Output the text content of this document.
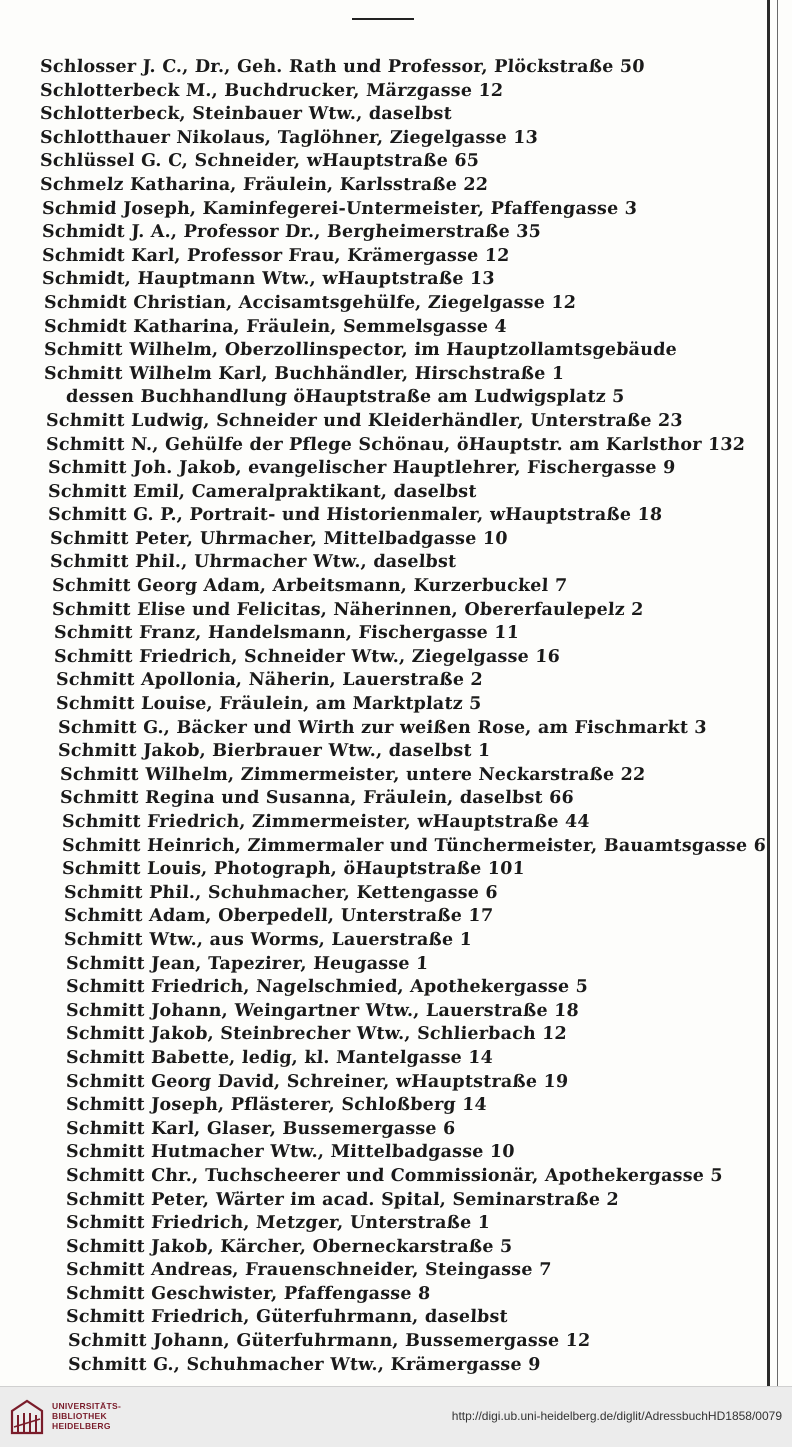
Schlosser J. C., Dr., Geh. Rath und Professor, Plöckstraße 50
Schlotterbeck M., Buchdrucker, Märzgasse 12
Schlotterbeck, Steinbauer Wtw., daselbst
Schlotthauer Nikolaus, Taglöhner, Ziegelgasse 13
Schlüssel G. C, Schneider, wHauptstraße 65
Schmelz Katharina, Fräulein, Karlsstraße 22
Schmid Joseph, Kaminfegerei-Untermeister, Pfaffengasse 3
Schmidt J. A., Professor Dr., Bergheimerstraße 35
Schmidt Karl, Professor Frau, Krämergasse 12
Schmidt, Hauptmann Wtw., wHauptstraße 13
Schmidt Christian, Accisamtsgehülfe, Ziegelgasse 12
Schmidt Katharina, Fräulein, Semmelsgasse 4
Schmitt Wilhelm, Oberzollinspector, im Hauptzollamtsgebäude
Schmitt Wilhelm Karl, Buchhändler, Hirschstraße 1
dessen Buchhandlung öHauptstraße am Ludwigsplatz 5
Schmitt Ludwig, Schneider und Kleiderhändler, Unterstraße 23
Schmitt N., Gehülfe der Pflege Schönau, öHauptstr. am Karlsthor 132
Schmitt Joh. Jakob, evangelischer Hauptlehrer, Fischergasse 9
Schmitt Emil, Cameralpraktikant, daselbst
Schmitt G. P., Portrait- und Historienmaler, wHauptstraße 18
Schmitt Peter, Uhrmacher, Mittelbadgasse 10
Schmitt Phil., Uhrmacher Wtw., daselbst
Schmitt Georg Adam, Arbeitsmann, Kurzerbuckel 7
Schmitt Elise und Felicitas, Näherinnen, Obererfaulepelz 2
Schmitt Franz, Handelsmann, Fischergasse 11
Schmitt Friedrich, Schneider Wtw., Ziegelgasse 16
Schmitt Apollonia, Näherin, Lauerstraße 2
Schmitt Louise, Fräulein, am Marktplatz 5
Schmitt G., Bäcker und Wirth zur weißen Rose, am Fischmarkt 3
Schmitt Jakob, Bierbrauer Wtw., daselbst 1
Schmitt Wilhelm, Zimmermeister, untere Neckarstraße 22
Schmitt Regina und Susanna, Fräulein, daselbst 66
Schmitt Friedrich, Zimmermeister, wHauptstraße 44
Schmitt Heinrich, Zimmermaler und Tünchermeister, Bauamtsgasse 6
Schmitt Louis, Photograph, öHauptstraße 101
Schmitt Phil., Schuhmacher, Kettengasse 6
Schmitt Adam, Oberpedell, Unterstraße 17
Schmitt Wtw., aus Worms, Lauerstraße 1
Schmitt Jean, Tapezirer, Heugasse 1
Schmitt Friedrich, Nagelschmied, Apothekergasse 5
Schmitt Johann, Weingartner Wtw., Lauerstraße 18
Schmitt Jakob, Steinbrecher Wtw., Schlierbach 12
Schmitt Babette, ledig, kl. Mantelgasse 14
Schmitt Georg David, Schreiner, wHauptstraße 19
Schmitt Joseph, Pflästerer, Schloßberg 14
Schmitt Karl, Glaser, Bussemergasse 6
Schmitt Hutmacher Wtw., Mittelbadgasse 10
Schmitt Chr., Tuchscheerer und Commissionär, Apothekergasse 5
Schmitt Peter, Wärter im acad. Spital, Seminarstraße 2
Schmitt Friedrich, Metzger, Unterstraße 1
Schmitt Jakob, Kärcher, Oberneckarstraße 5
Schmitt Andreas, Frauenschneider, Steingasse 7
Schmitt Geschwister, Pfaffengasse 8
Schmitt Friedrich, Güterfuhrmann, daselbst
Schmitt Johann, Güterfuhrmann, Bussemergasse 12
Schmitt G., Schuhmacher Wtw., Krämergasse 9
UNIVERSITÄTS-
BIBLIOTHEK
HEIDELBERG
http://digi.ub.uni-heidelberg.de/diglit/AdressbuchHD1858/0079
